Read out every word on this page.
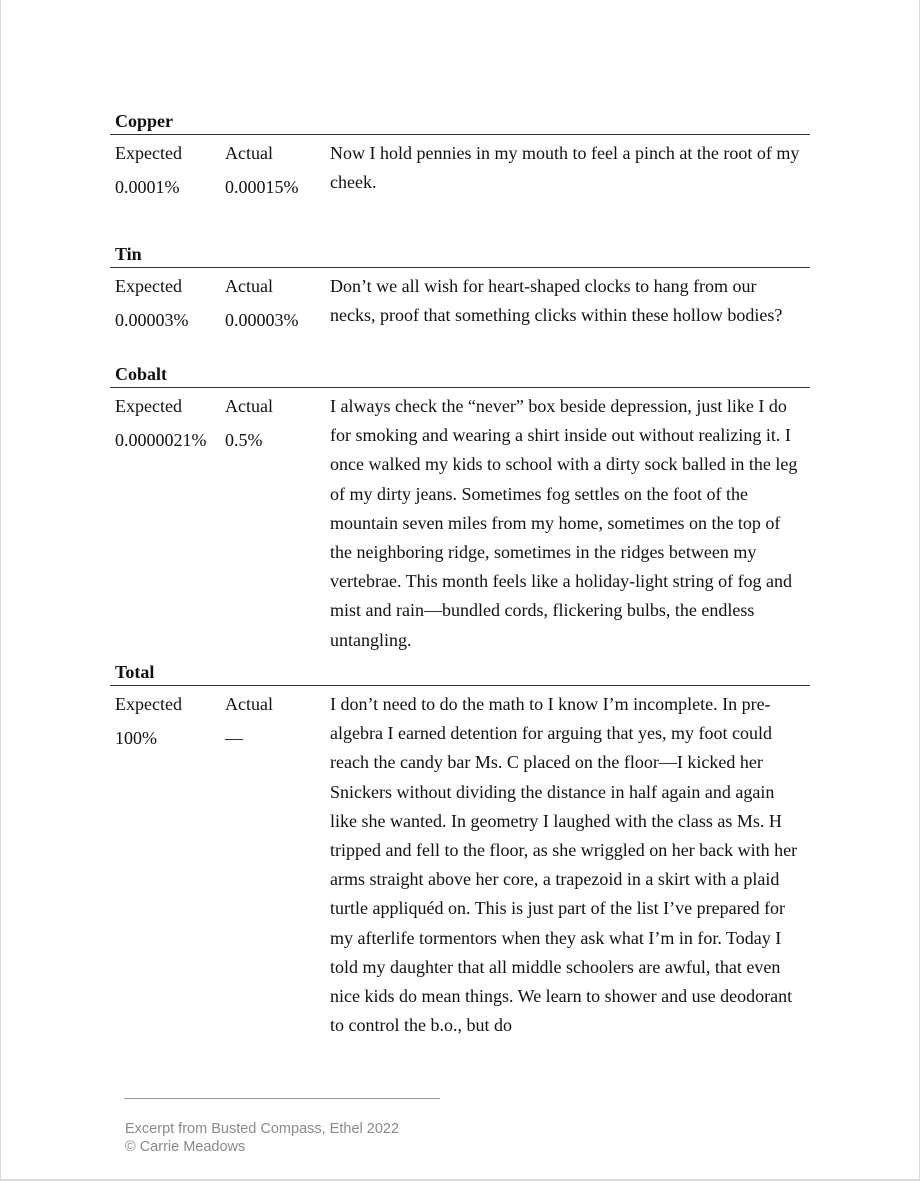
Copper
Expected
0.0001%
Actual
0.00015%
Now I hold pennies in my mouth to feel a pinch at the root of my cheek.
Tin
Expected
0.00003%
Actual
0.00003%
Don’t we all wish for heart-shaped clocks to hang from our necks, proof that something clicks within these hollow bodies?
Cobalt
Expected
0.0000021%
Actual
0.5%
I always check the “never” box beside depression, just like I do for smoking and wearing a shirt inside out without realizing it. I once walked my kids to school with a dirty sock balled in the leg of my dirty jeans. Sometimes fog settles on the foot of the mountain seven miles from my home, sometimes on the top of the neighboring ridge, sometimes in the ridges between my vertebrae. This month feels like a holiday-light string of fog and mist and rain—bundled cords, flickering bulbs, the endless untangling.
Total
Expected
100%
Actual
—
I don’t need to do the math to I know I’m incomplete. In pre-algebra I earned detention for arguing that yes, my foot could reach the candy bar Ms. C placed on the floor—I kicked her Snickers without dividing the distance in half again and again like she wanted. In geometry I laughed with the class as Ms. H tripped and fell to the floor, as she wriggled on her back with her arms straight above her core, a trapezoid in a skirt with a plaid turtle appliquéd on. This is just part of the list I’ve prepared for my afterlife tormentors when they ask what I’m in for. Today I told my daughter that all middle schoolers are awful, that even nice kids do mean things. We learn to shower and use deodorant to control the b.o., but do
Excerpt from Busted Compass, Ethel 2022
© Carrie Meadows
